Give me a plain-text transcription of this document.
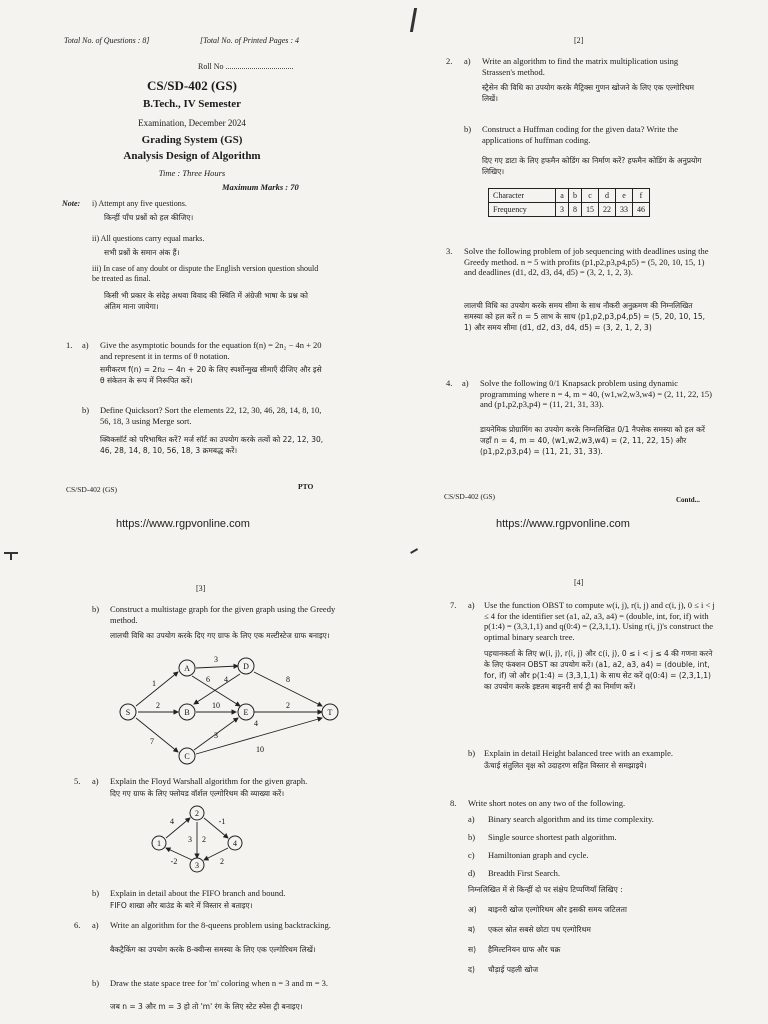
Total No. of Questions : 8]	[Total No. of Printed Pages : 4
Roll No ..................................
CS/SD-402 (GS)
B.Tech., IV Semester
Examination, December 2024
Grading System (GS)
Analysis Design of Algorithm
Time : Three Hours
Maximum Marks : 70
Note: i) Attempt any five questions.
किन्हीं पाँच प्रश्नों को हल कीजिए।
ii) All questions carry equal marks.
सभी प्रश्नों के समान अंक हैं।
iii) In case of any doubt or dispute the English version question should be treated as final.
किसी भी प्रकार के संदेह अथवा विवाद की स्थिति में अंग्रेजी भाषा के प्रश्न को अंतिम माना जायेगा।
1. a) Give the asymptotic bounds for the equation f(n) = 2n₂ − 4n + 20 and represent it in terms of θ notation.
समीकरण f(n) = 2n₂ − 4n + 20 के लिए स्पर्शोन्मुख सीमाएँ दीजिए और इसे θ संकेतन के रूप में निरूपित करें।
b) Define Quicksort? Sort the elements 22, 12, 30, 46, 28, 14, 8, 10, 56, 18, 3 using Merge sort.
क्विकसॉर्ट को परिभाषित करें? मर्ज सॉर्ट का उपयोग करके तत्वों को 22, 12, 30, 46, 28, 14, 8, 10, 56, 18, 3 क्रमबद्ध करें।
CS/SD-402 (GS)	PTO
https://www.rgpvonline.com
[2]
2. a) Write an algorithm to find the matrix multiplication using Strassen's method.
स्ट्रैसेन की विधि का उपयोग करके मैट्रिक्स गुणन खोजने के लिए एक एल्गोरिथम लिखें।
b) Construct a Huffman coding for the given data? Write the applications of huffman coding.
दिए गए डाटा के लिए हफमैन कोडिंग का निर्माण करें? हफमैन कोडिंग के अनुप्रयोग लिखिए।
Character	a	b	c	d	e	f
Frequency	3	8	15	22	33	46
3. Solve the following problem of job sequencing with deadlines using the Greedy method. n = 5 with profits (p1,p2,p3,p4,p5) = (5, 20, 10, 15, 1) and deadlines (d1, d2, d3, d4, d5) = (3, 2, 1, 2, 3).
लालची विधि का उपयोग करके समय सीमा के साथ नौकरी अनुक्रमण की निम्नलिखित समस्या को हल करें n = 5 लाभ के साथ (p1,p2,p3,p4,p5) = (5, 20, 10, 15, 1) और समय सीमा (d1, d2, d3, d4, d5) = (3, 2, 1, 2, 3)
4. a) Solve the following 0/1 Knapsack problem using dynamic programming where n = 4, m = 40, (w1,w2,w3,w4) = (2, 11, 22, 15) and (p1,p2,p3,p4) = (11, 21, 31, 33).
डायनेमिक प्रोग्रामिंग का उपयोग करके निम्नलिखित 0/1 नैपसेक समस्या को हल करें जहाँ n = 4, m = 40, (w1,w2,w3,w4) = (2, 11, 22, 15) और (p1,p2,p3,p4) = (11, 21, 31, 33).
CS/SD-402 (GS)	Contd...
https://www.rgpvonline.com
[3]
b) Construct a multistage graph for the given graph using the Greedy method.
लालची विधि का उपयोग करके दिए गए ग्राफ के लिए एक मल्टीस्टेज ग्राफ बनाइए।
S
A
B
C
D
E	T
1
3
6 4	8
2	10	2
4
7
3
10
5. a) Explain the Floyd Warshall algorithm for the given graph.
दिए गए ग्राफ के लिए फ्लोयड वॉर्शल एल्गोरिथम की व्याख्या करें।
1
2
3
4
4	-1
3 2
-2	2
b) Explain in detail about the FIFO branch and bound.
FIFO शाखा और बाउंड के बारे में विस्तार से बताइए।
6. a) Write an algorithm for the 8-queens problem using backtracking.
बैकट्रैकिंग का उपयोग करके 8-क्वीन्स समस्या के लिए एक एल्गोरिथम लिखें।
b) Draw the state space tree for 'm' coloring when n = 3 and m = 3.
जब n = 3 और m = 3 हो तो 'm' रंग के लिए स्टेट स्पेस ट्री बनाइए।
[4]
7. a) Use the function OBST to compute w(i, j), r(i, j) and c(i, j), 0 ≤ i < j ≤ 4 for the identifier set (a1, a2, a3, a4) = (double, int, for, if) with p(1:4) = (3,3,1,1) and q(0:4) = (2,3,1,1). Using r(i, j)'s construct the optimal binary search tree.
पहचानकर्ता के लिए w(i, j), r(i, j) और c(i, j), 0 ≤ i < j ≤ 4 की गणना करने के लिए फंक्शन OBST का उपयोग करें। (a1, a2, a3, a4) = (double, int, for, if) जो और p(1:4) = (3,3,1,1) के साथ सेट करें q(0:4) = (2,3,1,1) का उपयोग करके इष्टतम बाइनरी सर्च ट्री का निर्माण करें।
b) Explain in detail Height balanced tree with an example.
ऊँचाई संतुलित वृक्ष को उदाहरण सहित विस्तार से समझाइये।
8. Write short notes on any two of the following.
a) Binary search algorithm and its time complexity.
b) Single source shortest path algorithm.
c) Hamiltonian graph and cycle.
d) Breadth First Search.
निम्नलिखित में से किन्हीं दो पर संक्षेप टिप्पणियाँ लिखिए :
अ) बाइनरी खोज एल्गोरिथम और इसकी समय जटिलता
ब) एकल स्रोत सबसे छोटा पथ एल्गोरिथम
स) हैमिल्टनियन ग्राफ और चक्र
द) चौड़ाई पहली खोज
